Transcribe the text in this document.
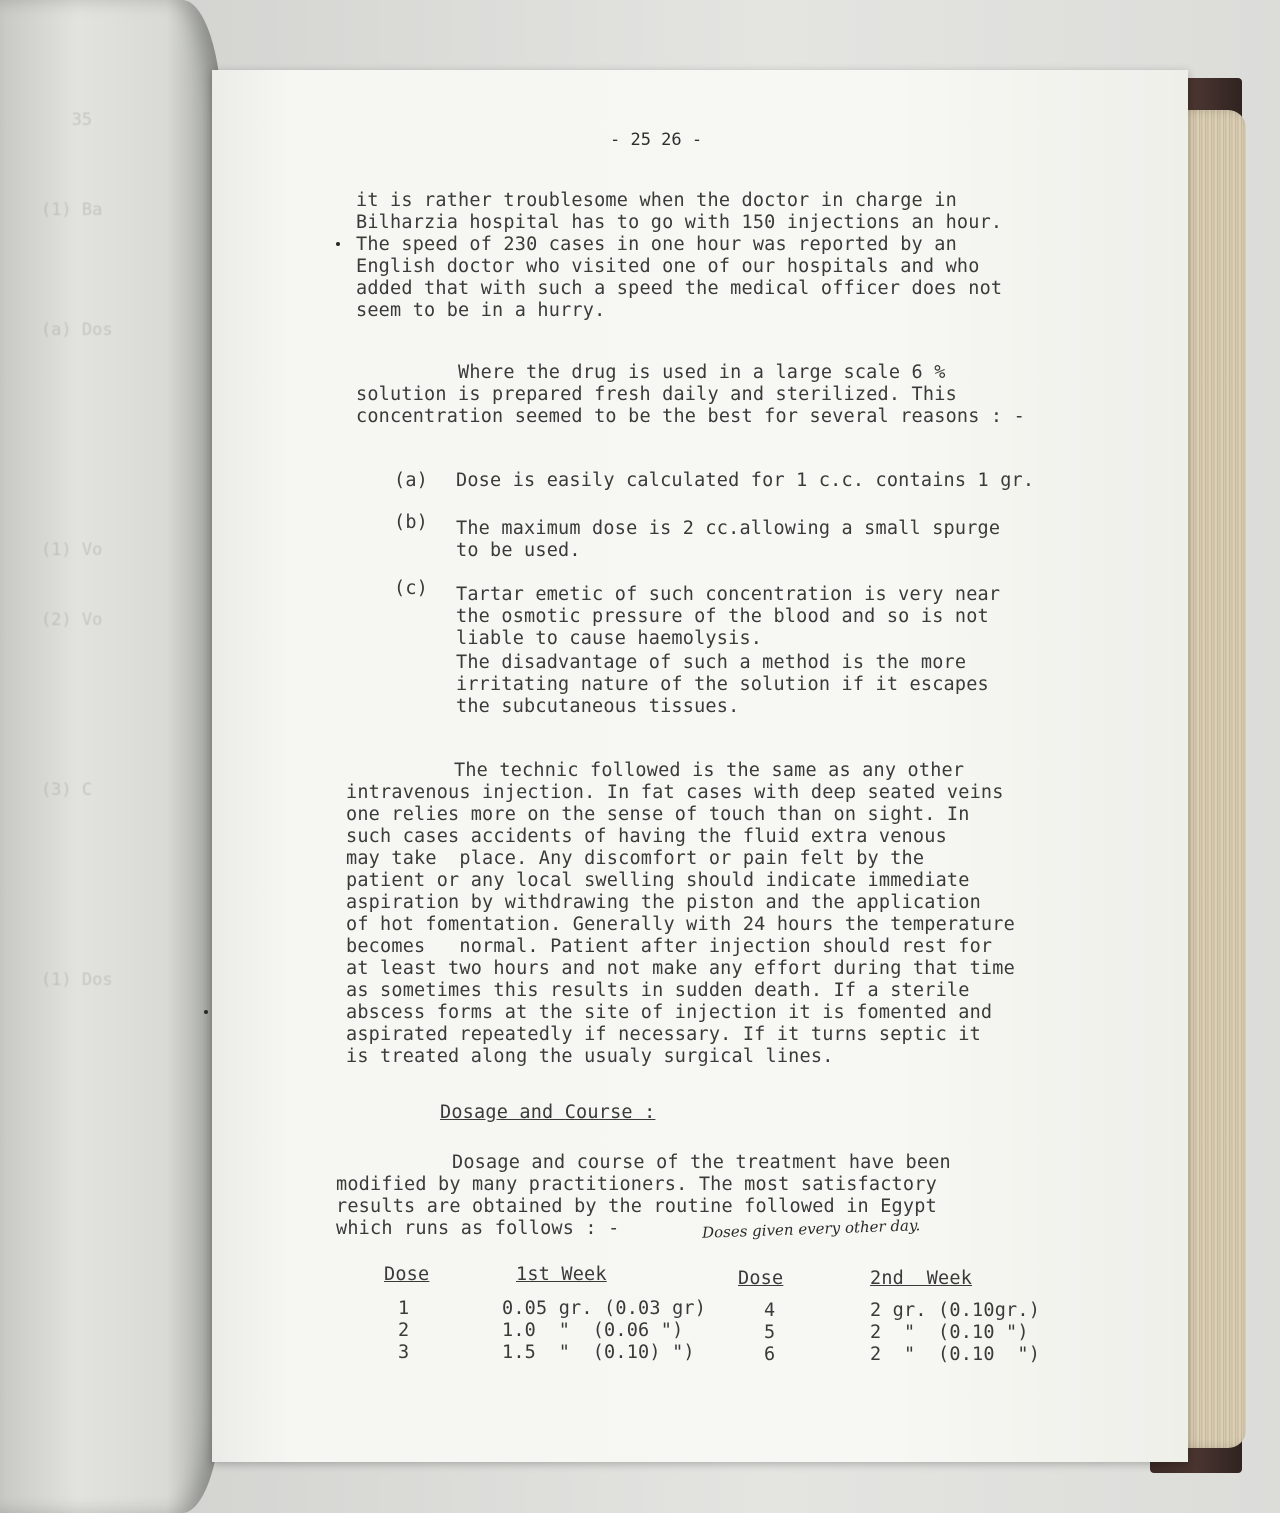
35
(1) Ba
(a) Dos
(1) Vo
(2) Vo
(3) C
(1) Dos
- 25 26 -
it is rather troublesome when the doctor in charge in
Bilharzia hospital has to go with 150 injections an hour.
The speed of 230 cases in one hour was reported by an
English doctor who visited one of our hospitals and who
added that with such a speed the medical officer does not
seem to be in a hurry.
Where the drug is used in a large scale 6 %
solution is prepared fresh daily and sterilized. This
concentration seemed to be the best for several reasons : -
(a) Dose is easily calculated for 1 c.c. contains 1 gr.
(b) The maximum dose is 2 cc.allowing a small spurge
to be used.
(c) Tartar emetic of such concentration is very near
the osmotic pressure of the blood and so is not
liable to cause haemolysis.
The disadvantage of such a method is the more
irritating nature of the solution if it escapes
the subcutaneous tissues.
The technic followed is the same as any other
intravenous injection. In fat cases with deep seated veins
one relies more on the sense of touch than on sight. In
such cases accidents of having the fluid extra venous
may take  place. Any discomfort or pain felt by the
patient or any local swelling should indicate immediate
aspiration by withdrawing the piston and the application
of hot fomentation. Generally with 24 hours the temperature
becomes   normal. Patient after injection should rest for
at least two hours and not make any effort during that time
as sometimes this results in sudden death. If a sterile
abscess forms at the site of injection it is fomented and
aspirated repeatedly if necessary. If it turns septic it
is treated along the usualy surgical lines.
Dosage and Course :
Dosage and course of the treatment have been
modified by many practitioners. The most satisfactory
results are obtained by the routine followed in Egypt
which runs as follows : -	Doses given every other day.
Dose	1st Week	Dose	2nd  Week
1	0.05 gr. (0.03 gr)	4	2 gr. (0.10gr.)
2	1.0  "  (0.06 ")	5	2  "  (0.10 ")
3	1.5  "  (0.10) ")	6	2  "  (0.10  ")
